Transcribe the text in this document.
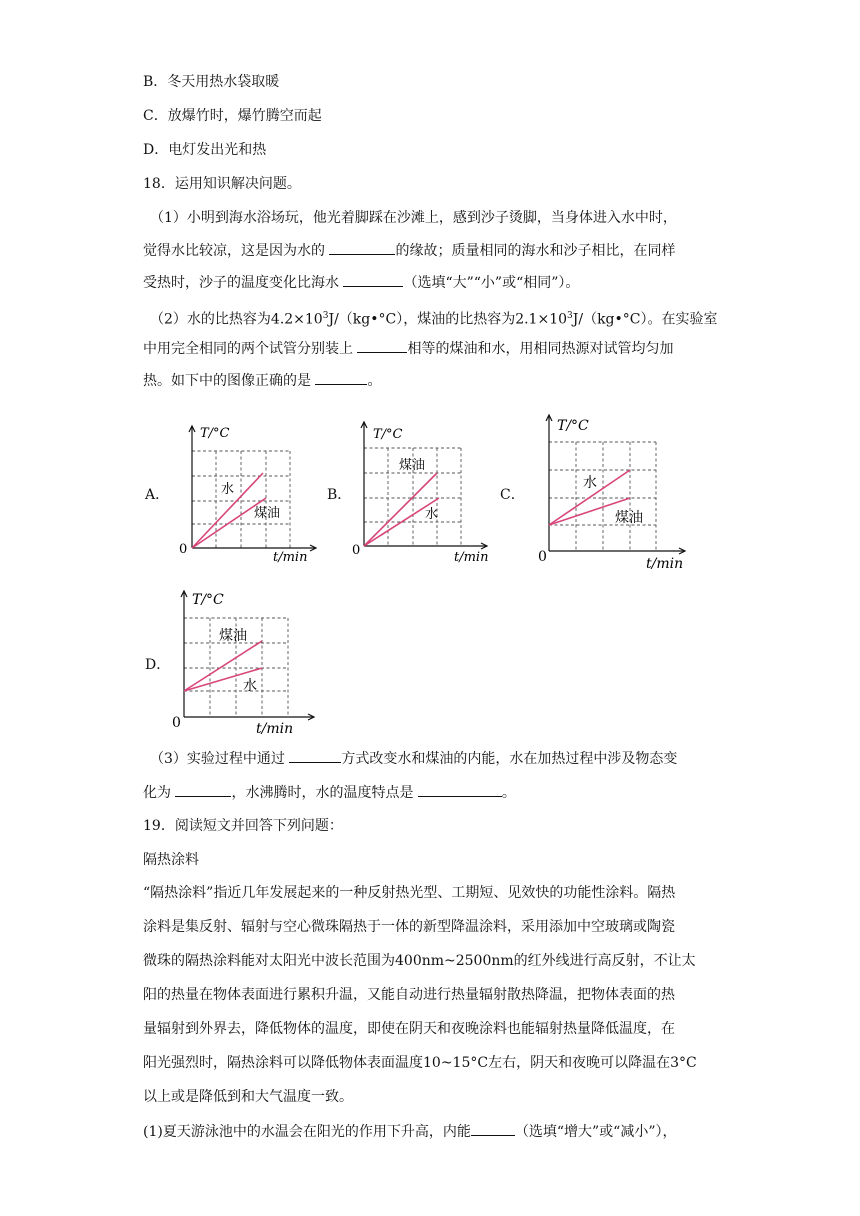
B．冬天用热水袋取暖
C．放爆竹时，爆竹腾空而起
D．电灯发出光和热
18．运用知识解决问题。
（1）小明到海水浴场玩，他光着脚踩在沙滩上，感到沙子烫脚，当身体进入水中时，
觉得水比较凉，这是因为水的	的缘故；质量相同的海水和沙子相比，在同样
受热时，沙子的温度变化比海水	（选填“大”“小”或“相同”）。
（2）水的比热容为$4.2\times 10^3J/(kg•^\circ C)$，煤油的比热容为$2.1\times 10^3J/(kg•^\circ C)$。在实验室
中用完全相同的两个试管分别装上	相等的煤油和水，用相同热源对试管均匀加
热。如下中的图像正确的是	。
A．	B．	C．
D．
水
煤油
T/°C
t/min
0
煤油
水
T/°C
t/min
0
水
煤油
T/°C
t/min
0
煤油
水
T/°C
t/min
0
（3）实验过程中通过	方式改变水和煤油的内能，水在加热过程中涉及物态变
化为	，水沸腾时，水的温度特点是	。
19．阅读短文并回答下列问题：
隔热涂料
“隔热涂料”指近几年发展起来的一种反射热光型、工期短、见效快的功能性涂料。隔热
涂料是集反射、辐射与空心微珠隔热于一体的新型降温涂料，采用添加中空玻璃或陶瓷
微珠的隔热涂料能对太阳光中波长范围为400nm~2500nm的红外线进行高反射，不让太
阳的热量在物体表面进行累积升温，又能自动进行热量辐射散热降温，把物体表面的热
量辐射到外界去，降低物体的温度，即使在阴天和夜晚涂料也能辐射热量降低温度，在
阳光强烈时，隔热涂料可以降低物体表面温度10~15°C左右，阴天和夜晚可以降温在3°C
以上或是降低到和大气温度一致。
(1)夏天游泳池中的水温会在阳光的作用下升高，内能	（选填“增大”或“减小”），
